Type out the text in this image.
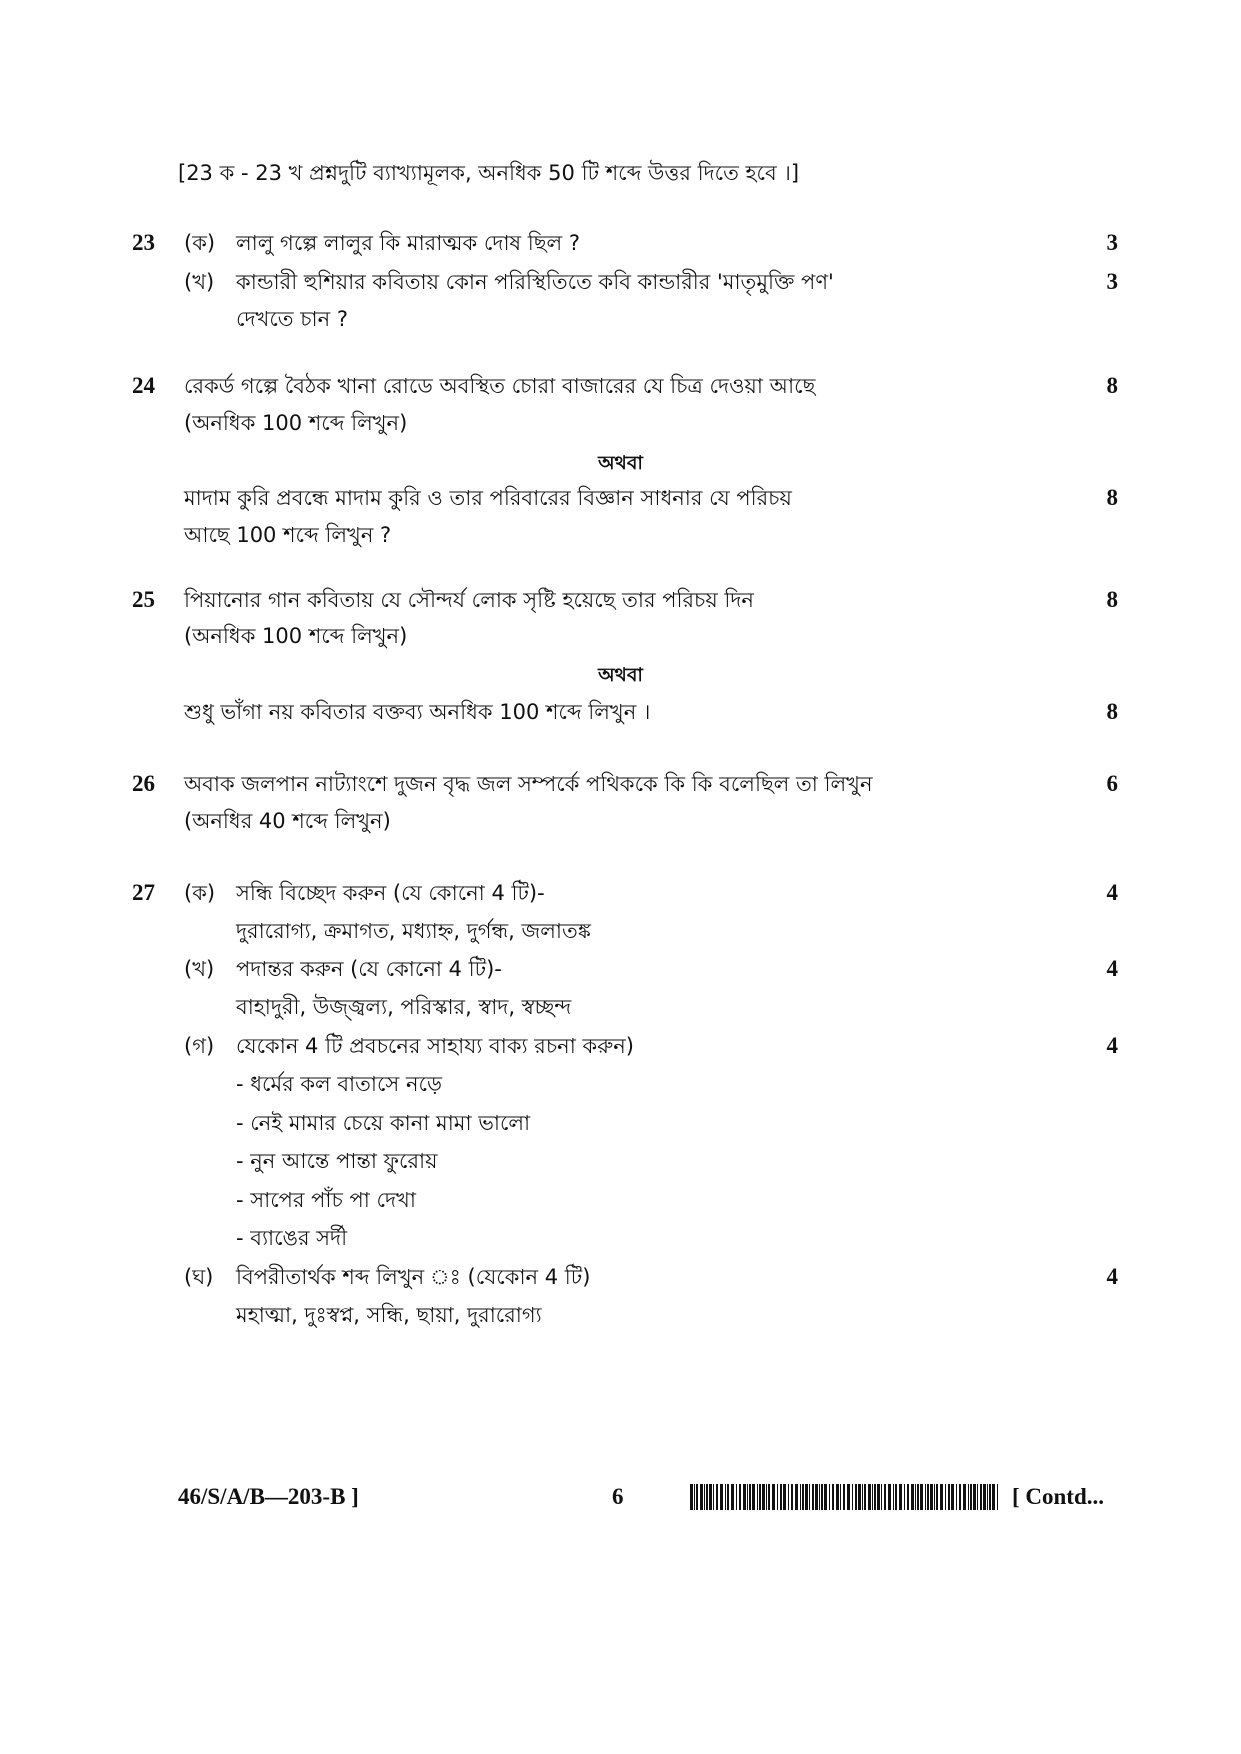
[23 ক - 23 খ প্রশ্নদুটি ব্যাখ্যামূলক, অনধিক 50 টি শব্দে উত্তর দিতে হবে ।]
23 (ক) লালু গল্পে লালুর কি মারাত্মক দোষ ছিল ?	3
(খ) কান্ডারী হুশিয়ার কবিতায় কোন পরিস্থিতিতে কবি কান্ডারীর 'মাতৃমুক্তি পণ'	3
দেখতে চান ?
24 রেকর্ড গল্পে বৈঠক খানা রোডে অবস্থিত চোরা বাজারের যে চিত্র দেওয়া আছে	8
(অনধিক 100 শব্দে লিখুন)
অথবা
মাদাম কুরি প্রবন্ধে মাদাম কুরি ও তার পরিবারের বিজ্ঞান সাধনার যে পরিচয়	8
আছে 100 শব্দে লিখুন ?
25 পিয়ানোর গান কবিতায় যে সৌন্দর্য লোক সৃষ্টি হয়েছে তার পরিচয় দিন	8
(অনধিক 100 শব্দে লিখুন)
অথবা
শুধু ভাঁগা নয় কবিতার বক্তব্য অনধিক 100 শব্দে লিখুন ।	8
26 অবাক জলপান নাট্যাংশে দুজন বৃদ্ধ জল সম্পর্কে পথিককে কি কি বলেছিল তা লিখুন	6
(অনধির 40 শব্দে লিখুন)
27 (ক) সন্ধি বিচ্ছেদ করুন (যে কোনো 4 টি)-	4
দুরারোগ্য, ক্রমাগত, মধ্যাহ্ন, দুর্গন্ধ, জলাতঙ্ক
(খ) পদান্তর করুন (যে কোনো 4 টি)-	4
বাহাদুরী, উজ্জ্বল্য, পরিস্কার, স্বাদ, স্বচ্ছন্দ
(গ) যেকোন 4 টি প্রবচনের সাহায্য বাক্য রচনা করুন)	4
- ধর্মের কল বাতাসে নড়ে
- নেই মামার চেয়ে কানা মামা ভালো
- নুন আন্তে পান্তা ফুরোয়
- সাপের পাঁচ পা দেখা
- ব্যাঙের সর্দী
(ঘ) বিপরীতার্থক শব্দ লিখুন ঃ (যেকোন 4 টি)	4
মহাত্মা, দুঃস্বপ্ন, সন্ধি, ছায়া, দুরারোগ্য
46/S/A/B—203-B ]	6	[ Contd...
